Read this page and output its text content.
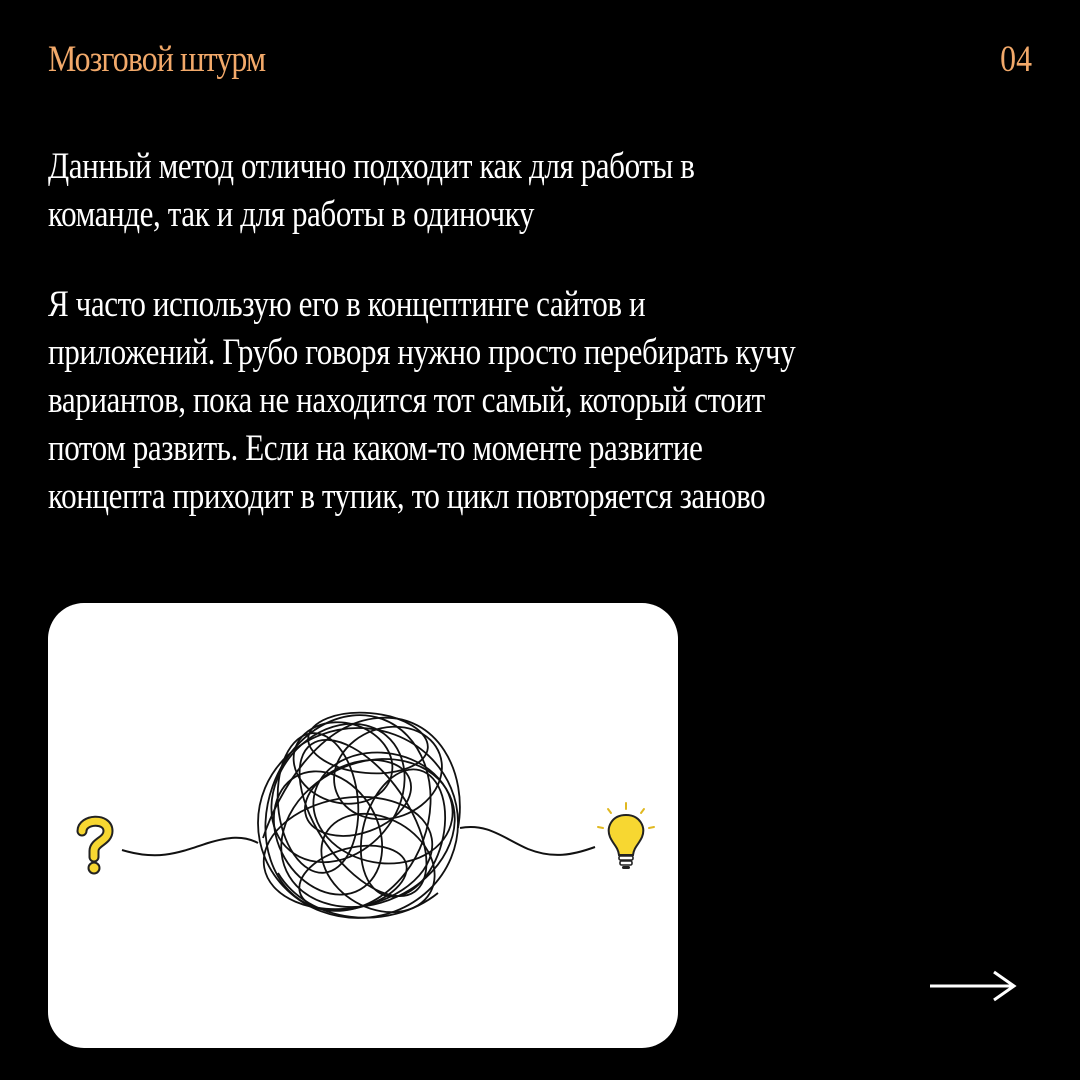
Мозговой штурм	04
Данный метод отлично подходит как для работы в
команде, так и для работы в одиночку
Я часто использую его в концептинге сайтов и
приложений. Грубо говоря нужно просто перебирать кучу
вариантов, пока не находится тот самый, который стоит
потом развить. Если на каком-то моменте развитие
концепта приходит в тупик, то цикл повторяется заново
